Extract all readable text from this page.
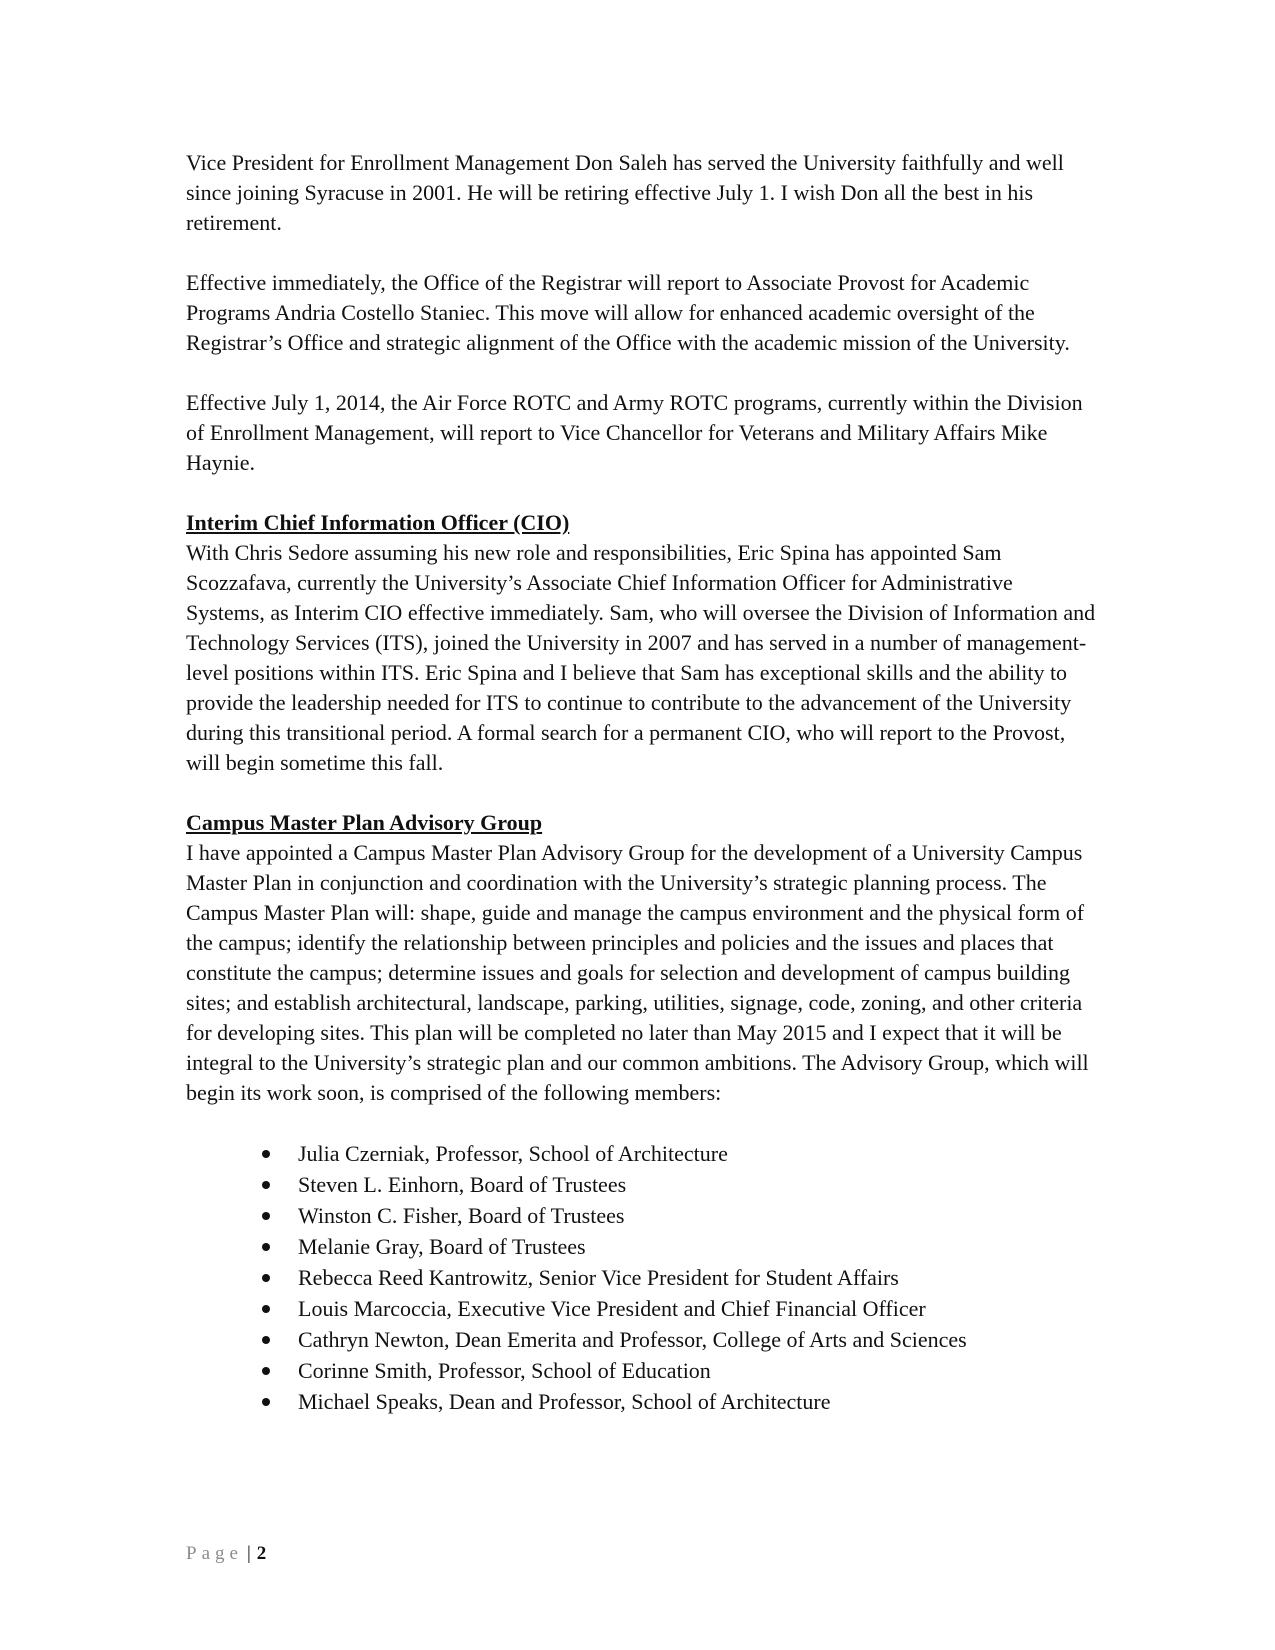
Vice President for Enrollment Management Don Saleh has served the University faithfully and well since joining Syracuse in 2001. He will be retiring effective July 1. I wish Don all the best in his retirement.

Effective immediately, the Office of the Registrar will report to Associate Provost for Academic Programs Andria Costello Staniec. This move will allow for enhanced academic oversight of the Registrar’s Office and strategic alignment of the Office with the academic mission of the University.

Effective July 1, 2014, the Air Force ROTC and Army ROTC programs, currently within the Division of Enrollment Management, will report to Vice Chancellor for Veterans and Military Affairs Mike Haynie.

Interim Chief Information Officer (CIO)

With Chris Sedore assuming his new role and responsibilities, Eric Spina has appointed Sam Scozzafava, currently the University’s Associate Chief Information Officer for Administrative Systems, as Interim CIO effective immediately. Sam, who will oversee the Division of Information and Technology Services (ITS), joined the University in 2007 and has served in a number of management-level positions within ITS. Eric Spina and I believe that Sam has exceptional skills and the ability to provide the leadership needed for ITS to continue to contribute to the advancement of the University during this transitional period. A formal search for a permanent CIO, who will report to the Provost, will begin sometime this fall.

Campus Master Plan Advisory Group

I have appointed a Campus Master Plan Advisory Group for the development of a University Campus Master Plan in conjunction and coordination with the University’s strategic planning process. The Campus Master Plan will: shape, guide and manage the campus environment and the physical form of the campus; identify the relationship between principles and policies and the issues and places that constitute the campus; determine issues and goals for selection and development of campus building sites; and establish architectural, landscape, parking, utilities, signage, code, zoning, and other criteria for developing sites. This plan will be completed no later than May 2015 and I expect that it will be integral to the University’s strategic plan and our common ambitions. The Advisory Group, which will begin its work soon, is comprised of the following members:

Julia Czerniak, Professor, School of Architecture
Steven L. Einhorn, Board of Trustees
Winston C. Fisher, Board of Trustees
Melanie Gray, Board of Trustees
Rebecca Reed Kantrowitz, Senior Vice President for Student Affairs
Louis Marcoccia, Executive Vice President and Chief Financial Officer
Cathryn Newton, Dean Emerita and Professor, College of Arts and Sciences
Corinne Smith, Professor, School of Education
Michael Speaks, Dean and Professor, School of Architecture
Page | 2
